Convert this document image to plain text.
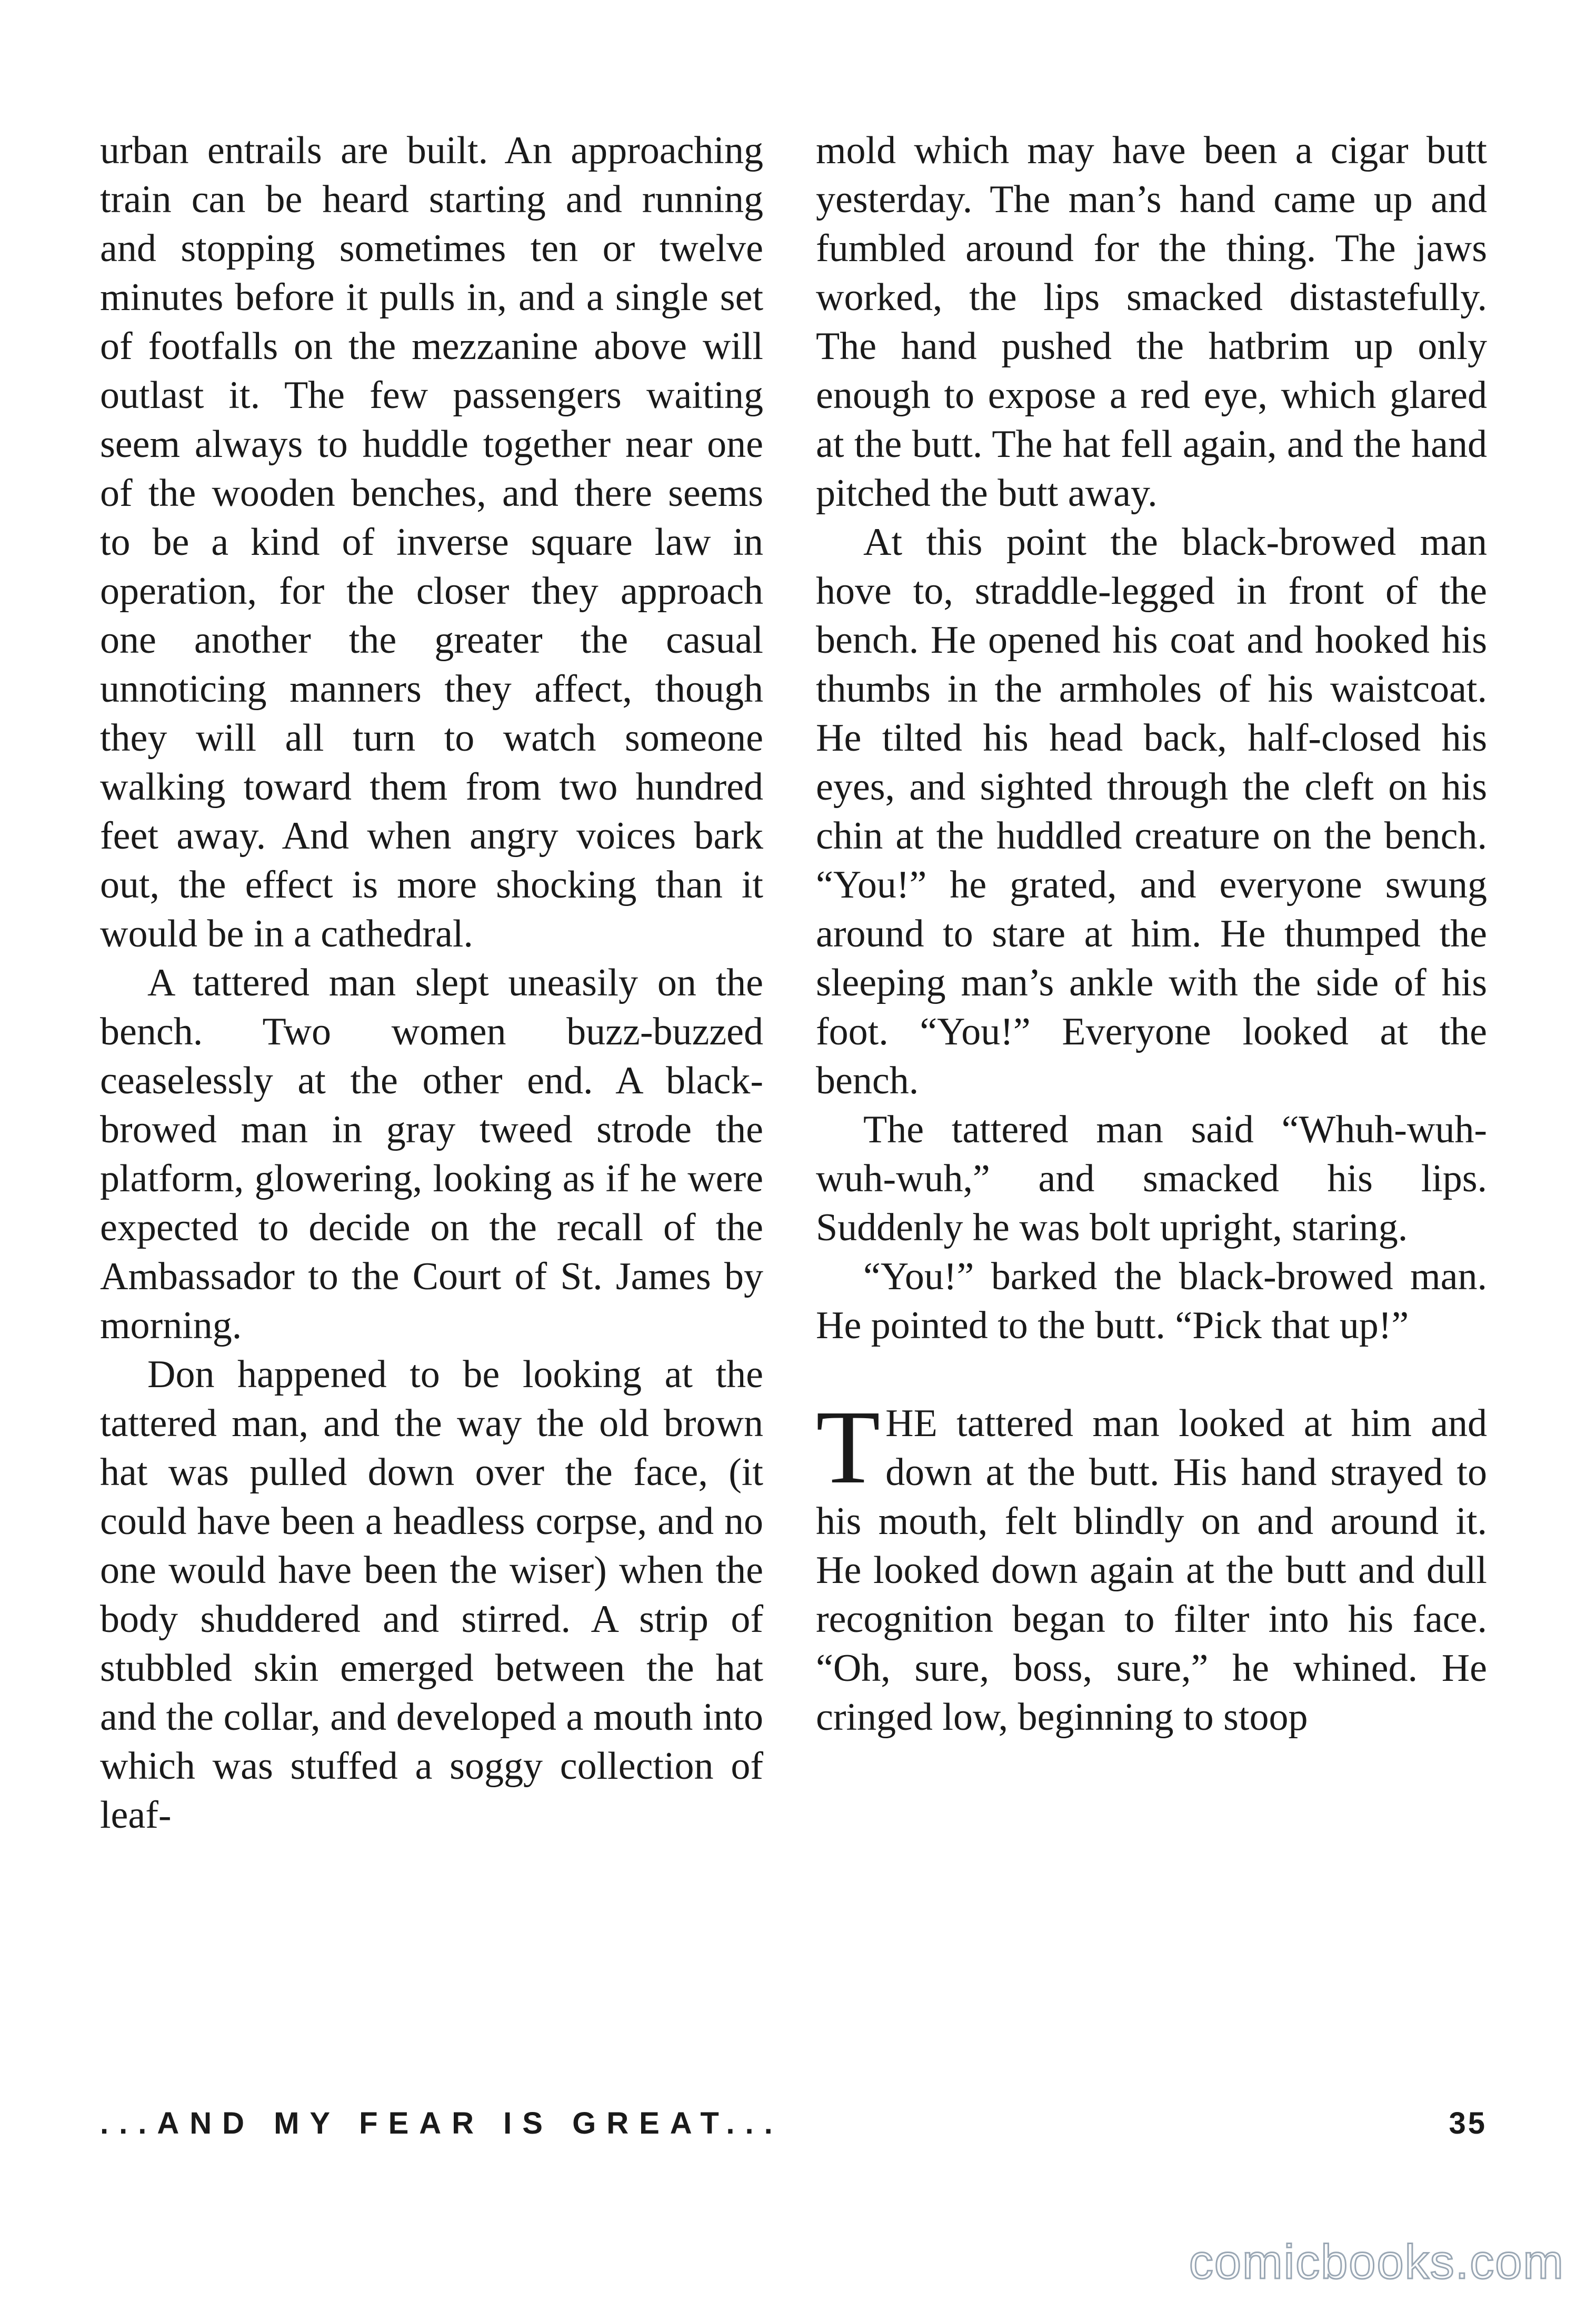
urban entrails are built. An approaching train can be heard starting and running and stopping sometimes ten or twelve minutes before it pulls in, and a single set of footfalls on the mezzanine above will outlast it. The few passengers waiting seem always to huddle together near one of the wooden benches, and there seems to be a kind of inverse square law in operation, for the closer they approach one another the greater the casual unnoticing manners they affect, though they will all turn to watch someone walking toward them from two hundred feet away. And when angry voices bark out, the effect is more shocking than it would be in a cathedral.

A tattered man slept uneasily on the bench. Two women buzz-buzzed ceaselessly at the other end. A black-browed man in gray tweed strode the platform, glowering, looking as if he were expected to decide on the recall of the Ambassador to the Court of St. James by morning.

Don happened to be looking at the tattered man, and the way the old brown hat was pulled down over the face, (it could have been a headless corpse, and no one would have been the wiser) when the body shuddered and stirred. A strip of stubbled skin emerged between the hat and the collar, and developed a mouth into which was stuffed a soggy collection of leaf-

mold which may have been a cigar butt yesterday. The man’s hand came up and fumbled around for the thing. The jaws worked, the lips smacked distastefully. The hand pushed the hatbrim up only enough to expose a red eye, which glared at the butt. The hat fell again, and the hand pitched the butt away.

At this point the black-browed man hove to, straddle-legged in front of the bench. He opened his coat and hooked his thumbs in the armholes of his waistcoat. He tilted his head back, half-closed his eyes, and sighted through the cleft on his chin at the huddled creature on the bench. “You!” he grated, and everyone swung around to stare at him. He thumped the sleeping man’s ankle with the side of his foot. “You!” Everyone looked at the bench.

The tattered man said “Whuh-wuh-wuh-wuh,” and smacked his lips. Suddenly he was bolt upright, staring.

“You!” barked the black-browed man. He pointed to the butt. “Pick that up!”

THE tattered man looked at him and down at the butt. His hand strayed to his mouth, felt blindly on and around it. He looked down again at the butt and dull recognition began to filter into his face. “Oh, sure, boss, sure,” he whined. He cringed low, beginning to stoop

...AND MY FEAR IS GREAT...	35
comicbooks.com
